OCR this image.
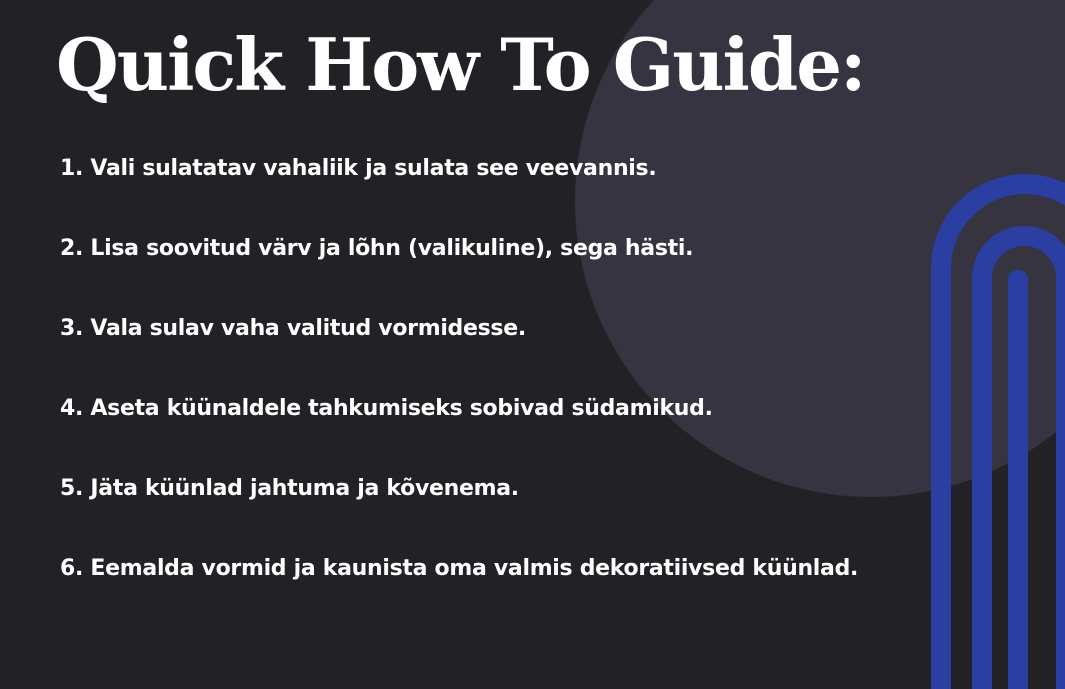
Quick How To Guide:
1. Vali sulatatav vahaliik ja sulata see veevannis.
2. Lisa soovitud värv ja lõhn (valikuline), sega hästi.
3. Vala sulav vaha valitud vormidesse.
4. Aseta küünaldele tahkumiseks sobivad südamikud.
5. Jäta küünlad jahtuma ja kõvenema.
6. Eemalda vormid ja kaunista oma valmis dekoratiivsed küünlad.
